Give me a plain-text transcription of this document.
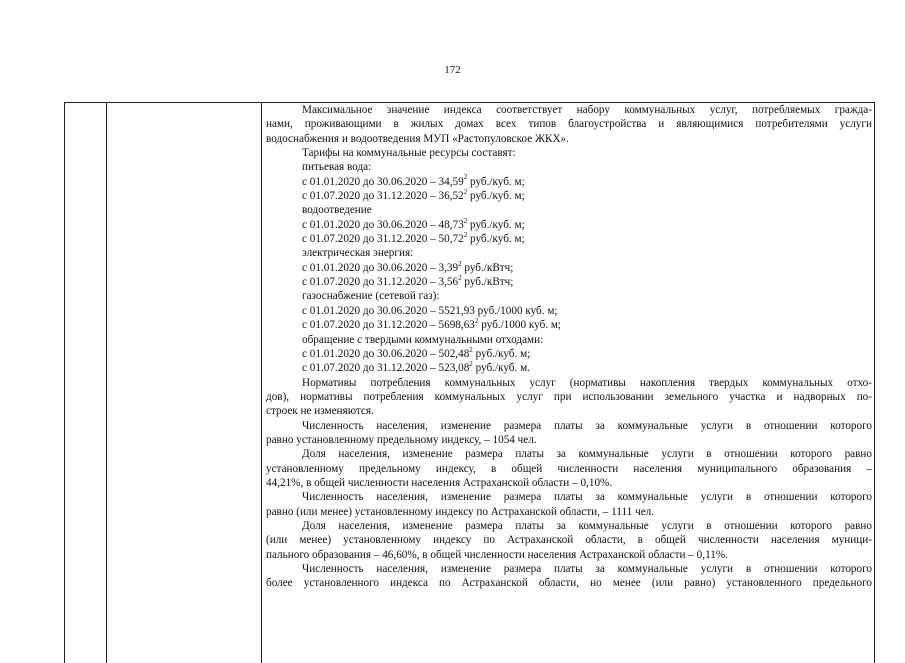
172
Максимальное значение индекса соответствует набору коммунальных услуг, потребляемых гражда-
нами, проживающими в жилых домах всех типов благоустройства и являющимися потребителями услуги
водоснабжения и водоотведения МУП «Растопуловское ЖКХ».
Тарифы на коммунальные ресурсы составят:
питьевая вода:
с 01.01.2020 до 30.06.2020 – 34,59$^2$ руб./куб. м;
с 01.07.2020 до 31.12.2020 – 36,52$^2$ руб./куб. м;
водоотведение
с 01.01.2020 до 30.06.2020 – 48,73$^2$ руб./куб. м;
с 01.07.2020 до 31.12.2020 – 50,72$^2$ руб./куб. м;
электрическая энергия:
с 01.01.2020 до 30.06.2020 – 3,39$^2$ руб./кВтч;
с 01.07.2020 до 31.12.2020 – 3,56$^2$ руб./кВтч;
газоснабжение (сетевой газ):
с 01.01.2020 до 30.06.2020 – 5521,93 руб./1000 куб. м;
с 01.07.2020 до 31.12.2020 – 5698,63$^2$ руб./1000 куб. м;
обращение с твердыми коммунальными отходами:
с 01.01.2020 до 30.06.2020 – 502,48$^2$ руб./куб. м;
с 01.07.2020 до 31.12.2020 – 523,08$^2$ руб./куб. м.
Нормативы потребления коммунальных услуг (нормативы накопления твердых коммунальных отхо-
дов), нормативы потребления коммунальных услуг при использовании земельного участка и надворных по-
строек не изменяются.
Численность населения, изменение размера платы за коммунальные услуги в отношении которого
равно установленному предельному индексу, – 1054 чел.
Доля населения, изменение размера платы за коммунальные услуги в отношении которого равно
установленному предельному индексу, в общей численности населения муниципального образования –
44,21%, в общей численности населения Астраханской области – 0,10%.
Численность населения, изменение размера платы за коммунальные услуги в отношении которого
равно (или менее) установленному индексу по Астраханской области, – 1111 чел.
Доля населения, изменение размера платы за коммунальные услуги в отношении которого равно
(или менее) установленному индексу по Астраханской области, в общей численности населения муници-
пального образования – 46,60%, в общей численности населения Астраханской области – 0,11%.
Численность населения, изменение размера платы за коммунальные услуги в отношении которого
более установленного индекса по Астраханской области, но менее (или равно) установленного предельного
